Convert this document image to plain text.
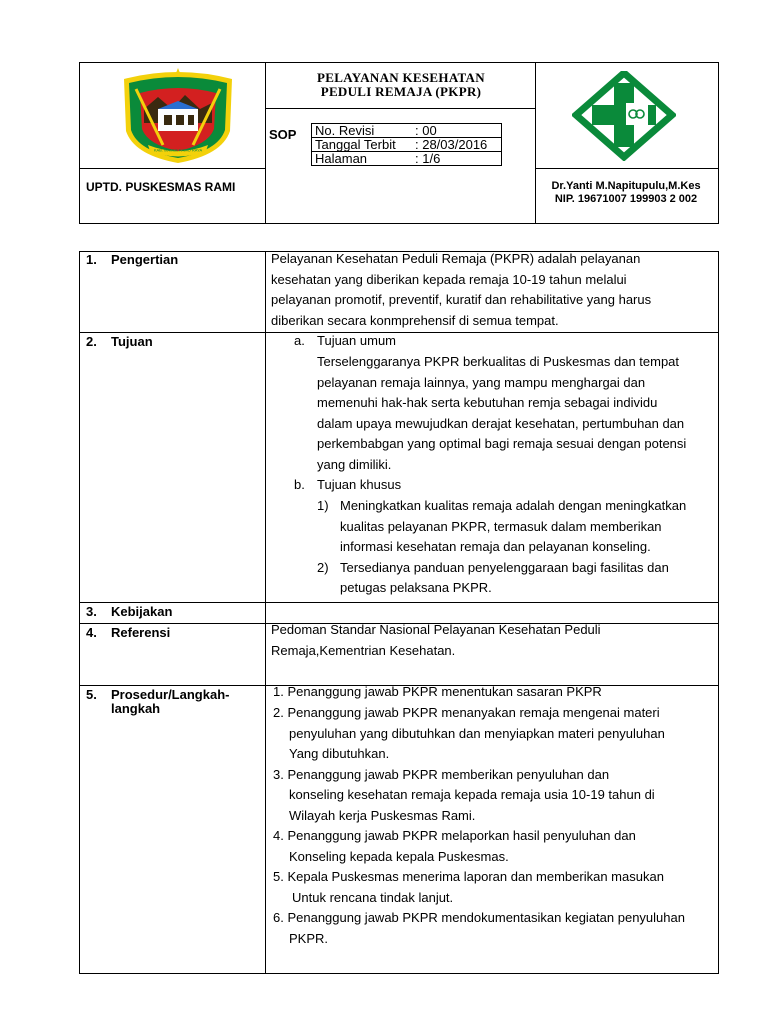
KAB. MAMBERAMO RAYA
PELAYANAN KESEHATAN
PEDULI REMAJA (PKPR)
SOP No. Revisi	: 00
Tanggal Terbit	: 28/03/2016
Halaman	: 1/6
UPTD. PUSKESMAS RAMI	Dr.Yanti M.Napitupulu,M.Kes
NIP. 19671007 199903 2 002
1. Pengertian	Pelayanan Kesehatan Peduli Remaja (PKPR) adalah pelayanan
kesehatan yang diberikan kepada remaja 10-19 tahun melalui
pelayanan promotif, preventif, kuratif dan rehabilitative yang harus
diberikan secara konmprehensif di semua tempat.
2. Tujuan	a. Tujuan umum
Terselenggaranya PKPR berkualitas di Puskesmas dan tempat
pelayanan remaja lainnya, yang mampu menghargai dan
memenuhi hak-hak serta kebutuhan remja sebagai individu
dalam upaya mewujudkan derajat kesehatan, pertumbuhan dan
perkembabgan yang optimal bagi remaja sesuai dengan potensi
yang dimiliki.
b. Tujuan khusus
1) Meningkatkan kualitas remaja adalah dengan meningkatkan
kualitas pelayanan PKPR, termasuk dalam memberikan
informasi kesehatan remaja dan pelayanan konseling.
2) Tersedianya panduan penyelenggaraan bagi fasilitas dan
petugas pelaksana PKPR.
3. Kebijakan
4. Referensi	Pedoman Standar Nasional Pelayanan Kesehatan Peduli
Remaja,Kementrian Kesehatan.
5. Prosedur/Langkah-
langkah
1. Penanggung jawab PKPR menentukan sasaran PKPR
2. Penanggung jawab PKPR menanyakan remaja mengenai materi
penyuluhan yang dibutuhkan dan menyiapkan materi penyuluhan
Yang dibutuhkan.
3. Penanggung jawab PKPR memberikan penyuluhan dan
konseling kesehatan remaja kepada remaja usia 10-19 tahun di
Wilayah kerja Puskesmas Rami.
4. Penanggung jawab PKPR melaporkan hasil penyuluhan dan
Konseling kepada kepala Puskesmas.
5. Kepala Puskesmas menerima laporan dan memberikan masukan
Untuk rencana tindak lanjut.
6. Penanggung jawab PKPR mendokumentasikan kegiatan penyuluhan
PKPR.
